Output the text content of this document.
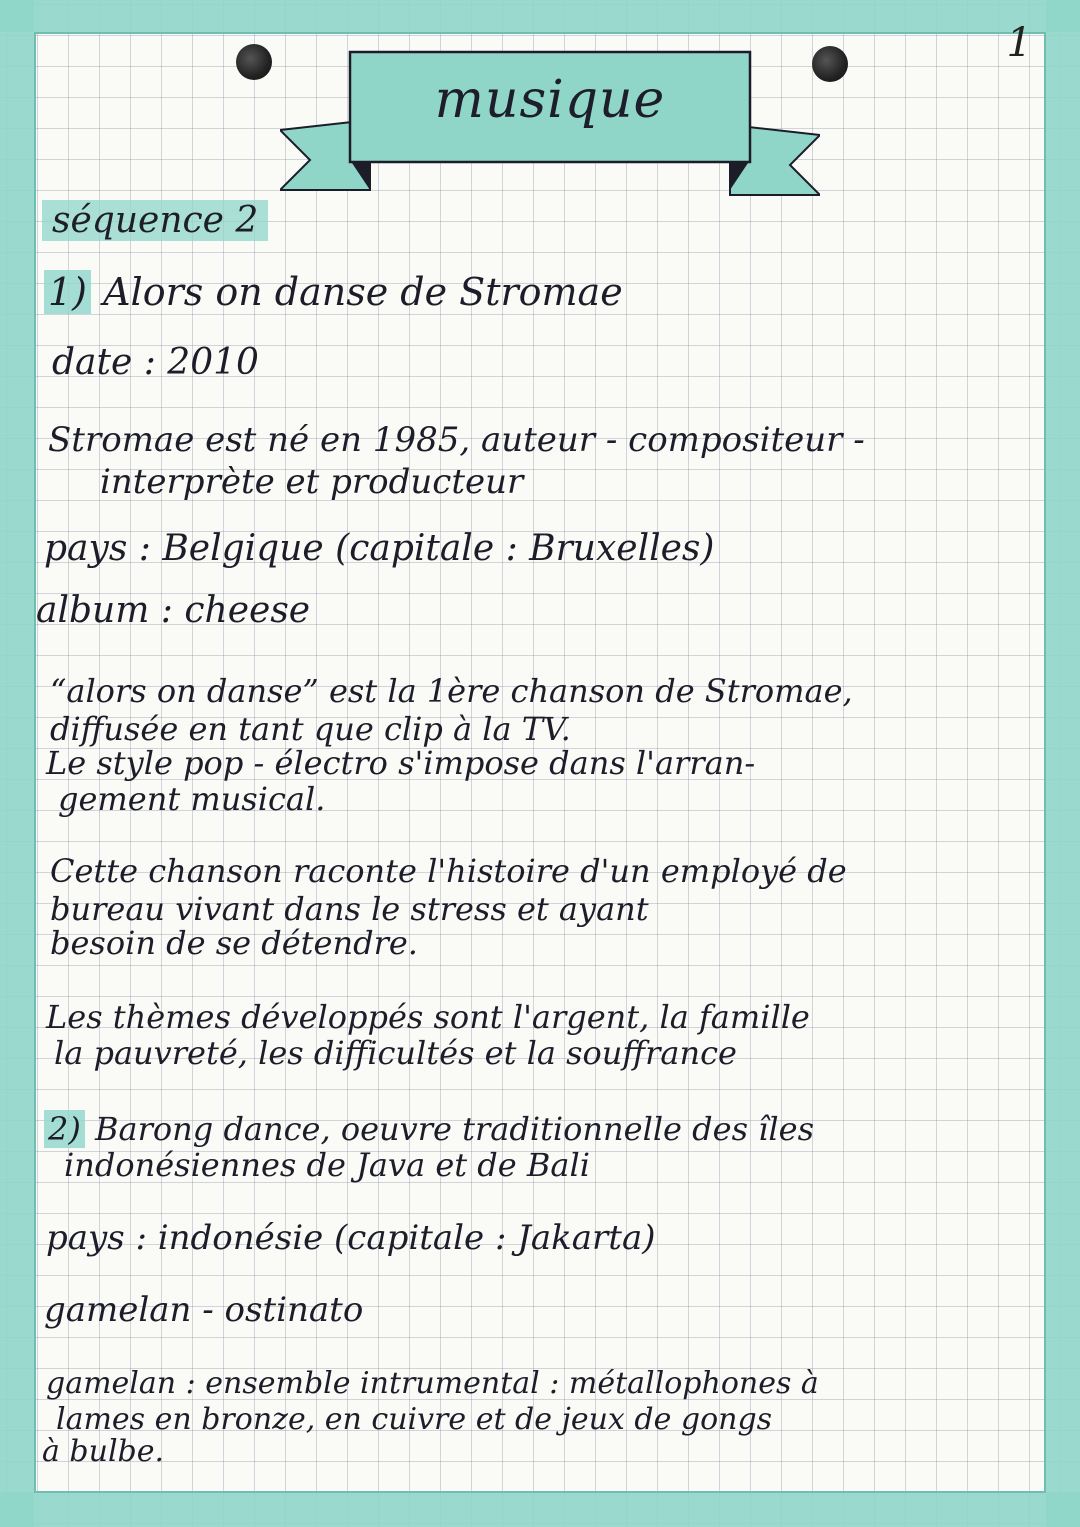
1
musique
séquence 2
1) Alors on danse de Stromae
date : 2010
Stromae est né en 1985, auteur - compositeur -
interprète et producteur
pays : Belgique (capitale : Bruxelles)
album : cheese
“alors on danse” est la 1ère chanson de Stromae,
diffusée en tant que clip à la TV.
Le style pop - électro s'impose dans l'arran-
gement musical.
Cette chanson raconte l'histoire d'un employé de
bureau vivant dans le stress et ayant
besoin de se détendre.
Les thèmes développés sont l'argent, la famille
la pauvreté, les difficultés et la souffrance
2) Barong dance, oeuvre traditionnelle des îles
indonésiennes de Java et de Bali
pays : indonésie (capitale : Jakarta)
gamelan - ostinato
gamelan : ensemble intrumental : métallophones à
lames en bronze, en cuivre et de jeux de gongs
à bulbe.
